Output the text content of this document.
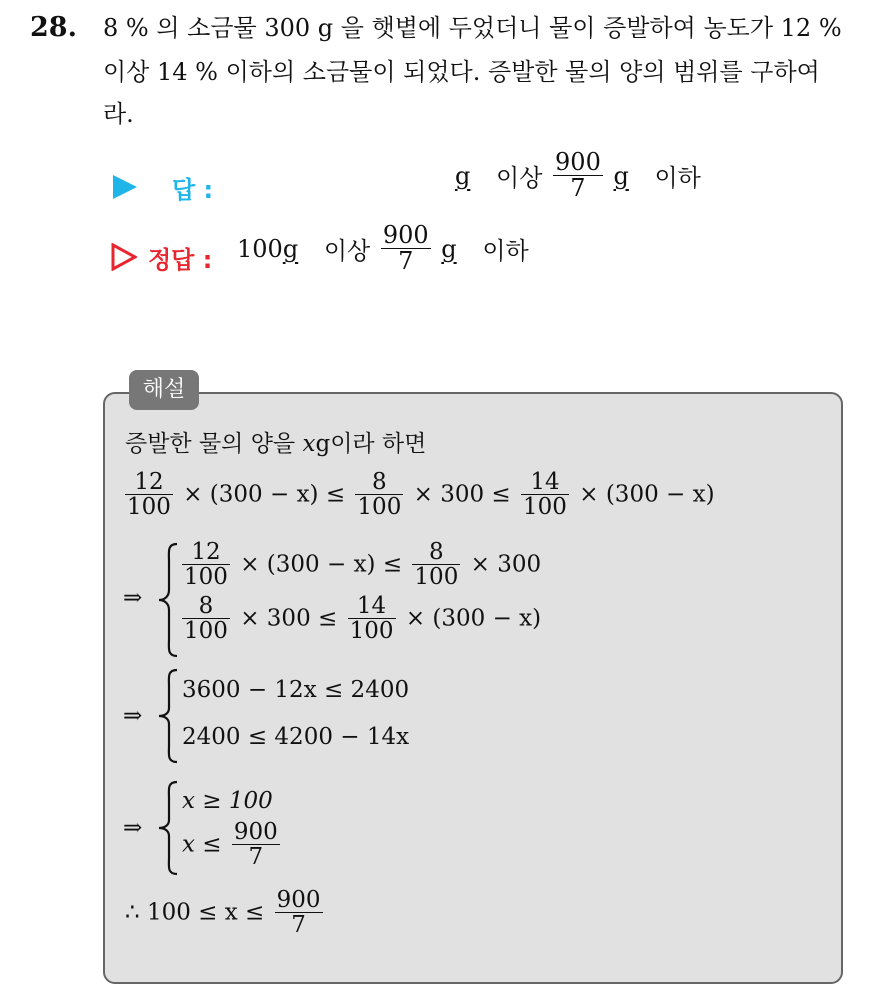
28. 8 % 의 소금물 300 g 을 햇볕에 두었더니 물이 증발하여 농도가 12 %
이상 14 % 이하의 소금물이 되었다. 증발한 물의 양의 범위를 구하여
라.
답 :
g 이상 $\frac{900}{7}$ g 이하
정답 : 100g 이상 $\frac{900}{7}$ g 이하
해설
증발한 물의 양을 xg이라 하면
$\frac{12}{100} \times (300 - x) \le \frac{8}{100} \times 300 \le \frac{14}{100} \times (300 - x)$
⇒
$\frac{12}{100} \times (300 - x) \le \frac{8}{100} \times 300$
$\frac{8}{100} \times 300 \le \frac{14}{100} \times (300 - x)$
⇒
3600 − 12x ≤ 2400
2400 ≤ 4200 − 14x
⇒
x ≥ 100
$x \le \frac{900}{7}$
∴ $100 \le x \le \frac{900}{7}$
